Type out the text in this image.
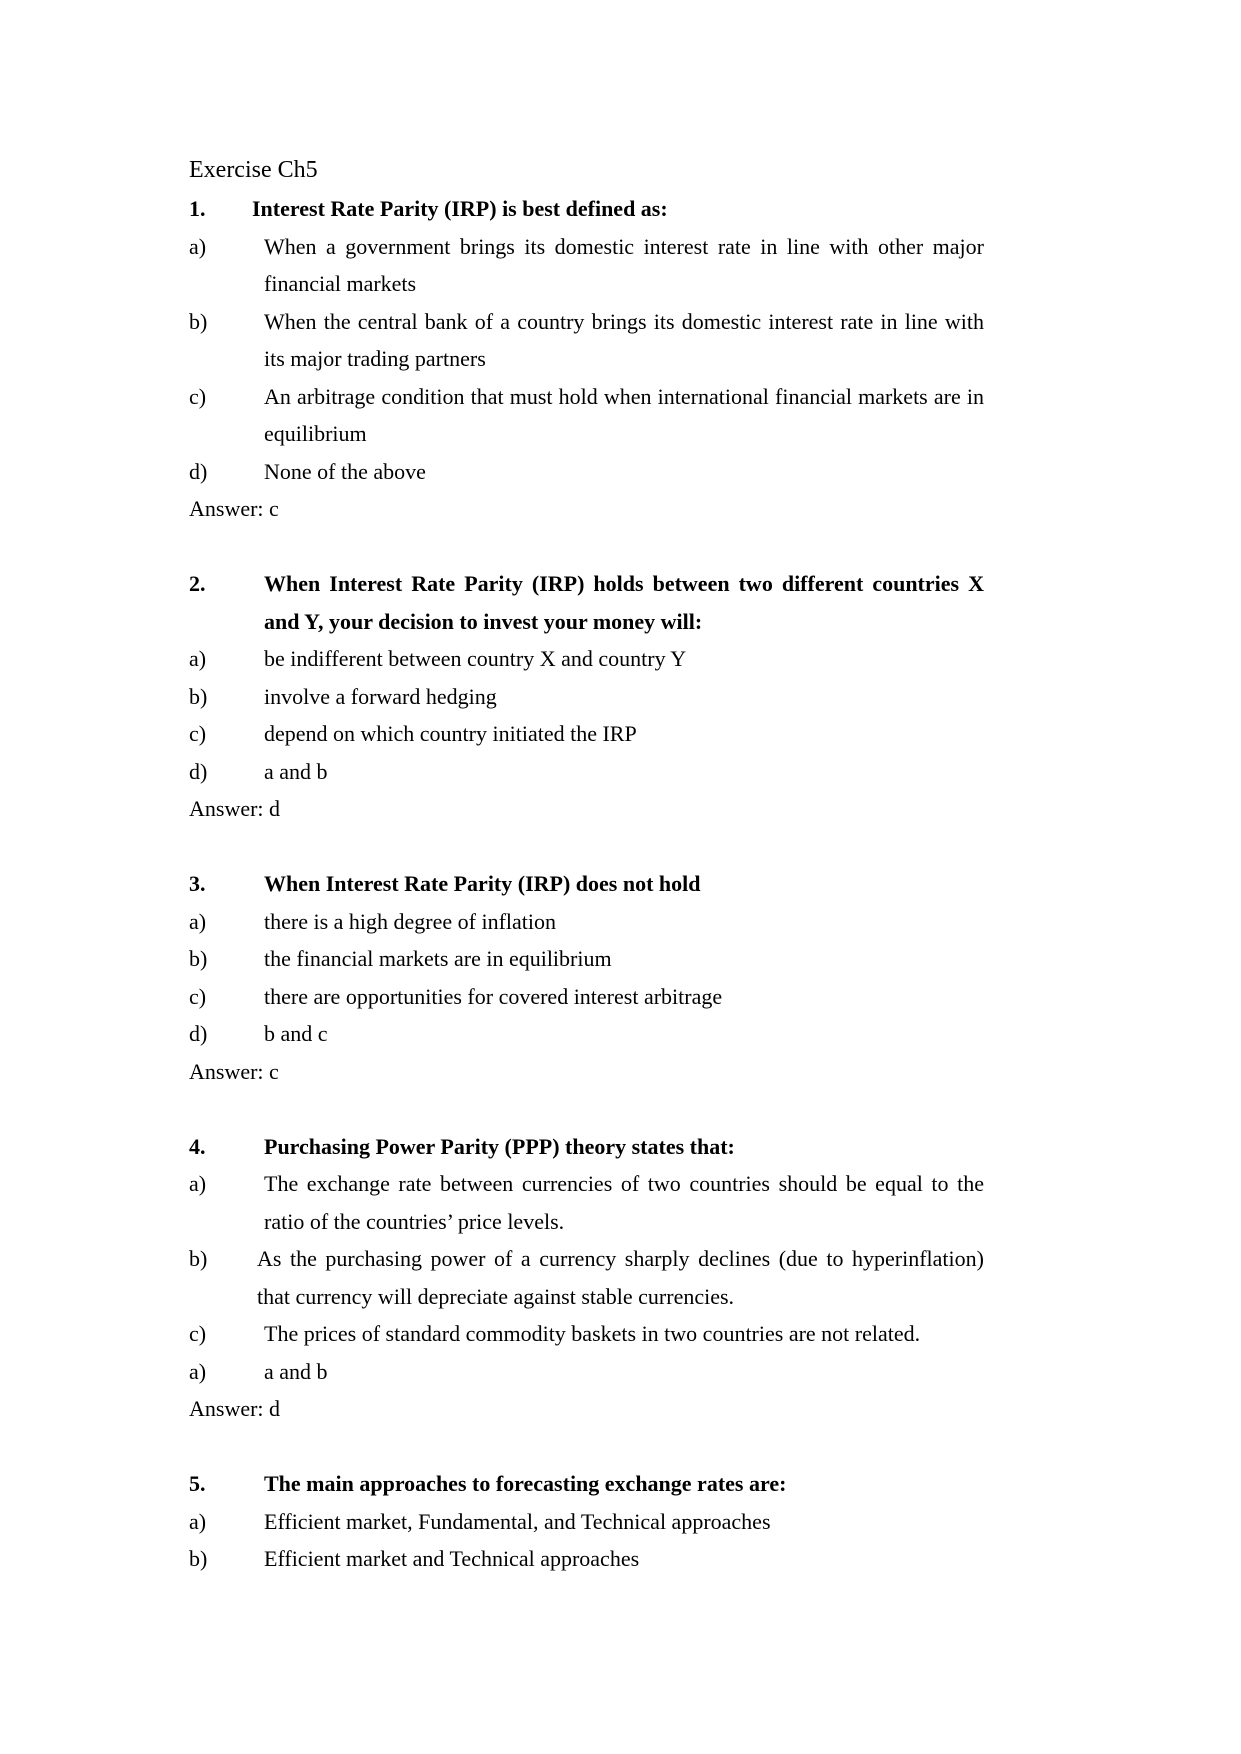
Exercise Ch5

1.	Interest Rate Parity (IRP) is best defined as:
a)	When a government brings its domestic interest rate in line with other major financial markets
b)	When the central bank of a country brings its domestic interest rate in line with its major trading partners
c)	An arbitrage condition that must hold when international financial markets are in equilibrium
d)	None of the above

Answer: c

2.	When Interest Rate Parity (IRP) holds between two different countries X and Y, your decision to invest your money will:
a)	be indifferent between country X and country Y
b)	involve a forward hedging
c)	depend on which country initiated the IRP
d)	a and b

Answer: d

3.	When Interest Rate Parity (IRP) does not hold
a)	there is a high degree of inflation
b)	the financial markets are in equilibrium
c)	there are opportunities for covered interest arbitrage
d)	b and c

Answer: c

4.	Purchasing Power Parity (PPP) theory states that:
a)	The exchange rate between currencies of two countries should be equal to the ratio of the countries’ price levels.
b)	As the purchasing power of a currency sharply declines (due to hyperinflation) that currency will depreciate against stable currencies.
c)	The prices of standard commodity baskets in two countries are not related.
a)	a and b

Answer: d

5.	The main approaches to forecasting exchange rates are:
a)	Efficient market, Fundamental, and Technical approaches
b)	Efficient market and Technical approaches
